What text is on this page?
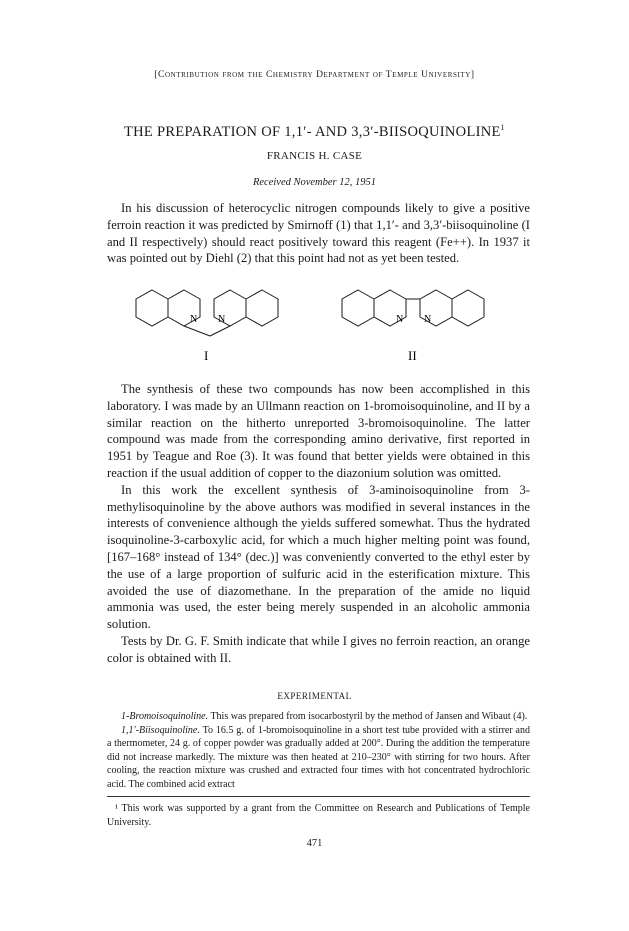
[Contribution from the Chemistry Department of Temple University]
THE PREPARATION OF 1,1′- AND 3,3′-BIISOQUINOLINE$^1$
FRANCIS H. CASE
Received November 12, 1951

In his discussion of heterocyclic nitrogen compounds likely to give a positive ferroin reaction it was predicted by Smirnoff (1) that 1,1′- and 3,3′-biisoquinoline (I and II respectively) should react positively toward this reagent (Fe++). In 1937 it was pointed out by Diehl (2) that this point had not as yet been tested.

N N	N N
I	II

The synthesis of these two compounds has now been accomplished in this laboratory. I was made by an Ullmann reaction on 1-bromoisoquinoline, and II by a similar reaction on the hitherto unreported 3-bromoisoquinoline. The latter compound was made from the corresponding amino derivative, first reported in 1951 by Teague and Roe (3). It was found that better yields were obtained in this reaction if the usual addition of copper to the diazonium solution was omitted.

In this work the excellent synthesis of 3-aminoisoquinoline from 3-methylisoquinoline by the above authors was modified in several instances in the interests of convenience although the yields suffered somewhat. Thus the hydrated isoquinoline-3-carboxylic acid, for which a much higher melting point was found, [167–168° instead of 134° (dec.)] was conveniently converted to the ethyl ester by the use of a large proportion of sulfuric acid in the esterification mixture. This avoided the use of diazomethane. In the preparation of the amide no liquid ammonia was used, the ester being merely suspended in an alcoholic ammonia solution.

Tests by Dr. G. F. Smith indicate that while I gives no ferroin reaction, an orange color is obtained with II.

EXPERIMENTAL

1-Bromoisoquinoline. This was prepared from isocarbostyril by the method of Jansen and Wibaut (4).

1,1′-Biisoquinoline. To 16.5 g. of 1-bromoisoquinoline in a short test tube provided with a stirrer and a thermometer, 24 g. of copper powder was gradually added at 200°. During the addition the temperature did not increase markedly. The mixture was then heated at 210–230° with stirring for two hours. After cooling, the reaction mixture was crushed and extracted four times with hot concentrated hydrochloric acid. The combined acid extract

¹ This work was supported by a grant from the Committee on Research and Publications of Temple University.

471
